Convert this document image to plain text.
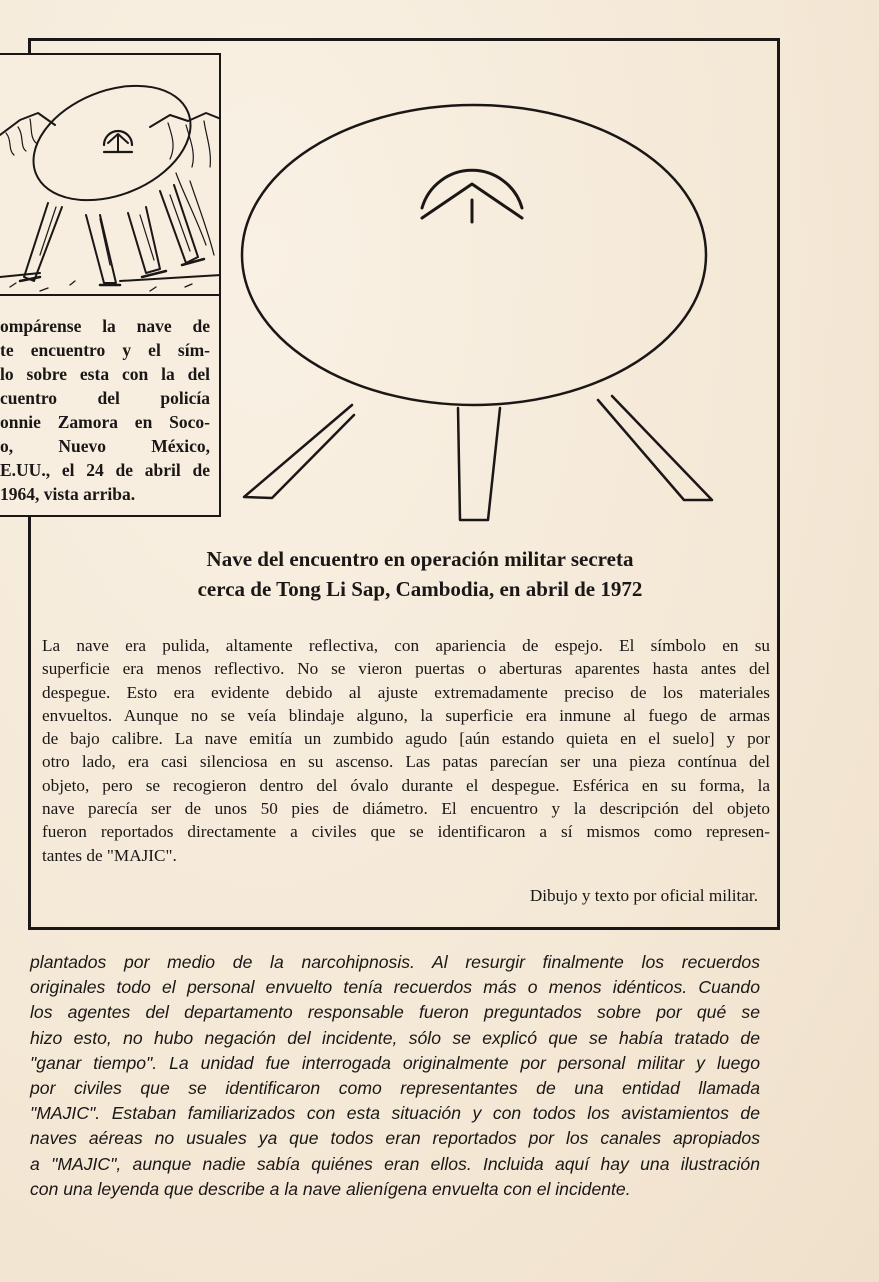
ompárense la nave de
te encuentro y el sím-
lo sobre esta con la del
cuentro del policía
onnie Zamora en Soco-
o, Nuevo México,
E.UU., el 24 de abril de
1964, vista arriba.
Nave del encuentro en operación militar secreta
cerca de Tong Li Sap, Cambodia, en abril de 1972
La nave era pulida, altamente reflectiva, con apariencia de espejo. El símbolo en su
superficie era menos reflectivo. No se vieron puertas o aberturas aparentes hasta antes del
despegue. Esto era evidente debido al ajuste extremadamente preciso de los materiales
envueltos. Aunque no se veía blindaje alguno, la superficie era inmune al fuego de armas
de bajo calibre. La nave emitía un zumbido agudo [aún estando quieta en el suelo] y por
otro lado, era casi silenciosa en su ascenso. Las patas parecían ser una pieza contínua del
objeto, pero se recogieron dentro del óvalo durante el despegue. Esférica en su forma, la
nave parecía ser de unos 50 pies de diámetro. El encuentro y la descripción del objeto
fueron reportados directamente a civiles que se identificaron a sí mismos como represen-
tantes de "MAJIC".
Dibujo y texto por oficial militar.
plantados por medio de la narcohipnosis. Al resurgir finalmente los recuerdos
originales todo el personal envuelto tenía recuerdos más o menos idénticos. Cuando
los agentes del departamento responsable fueron preguntados sobre por qué se
hizo esto, no hubo negación del incidente, sólo se explicó que se había tratado de
"ganar tiempo". La unidad fue interrogada originalmente por personal militar y luego
por civiles que se identificaron como representantes de una entidad llamada
"MAJIC". Estaban familiarizados con esta situación y con todos los avistamientos de
naves aéreas no usuales ya que todos eran reportados por los canales apropiados
a "MAJIC", aunque nadie sabía quiénes eran ellos. Incluida aquí hay una ilustración
con una leyenda que describe a la nave alienígena envuelta con el incidente.
